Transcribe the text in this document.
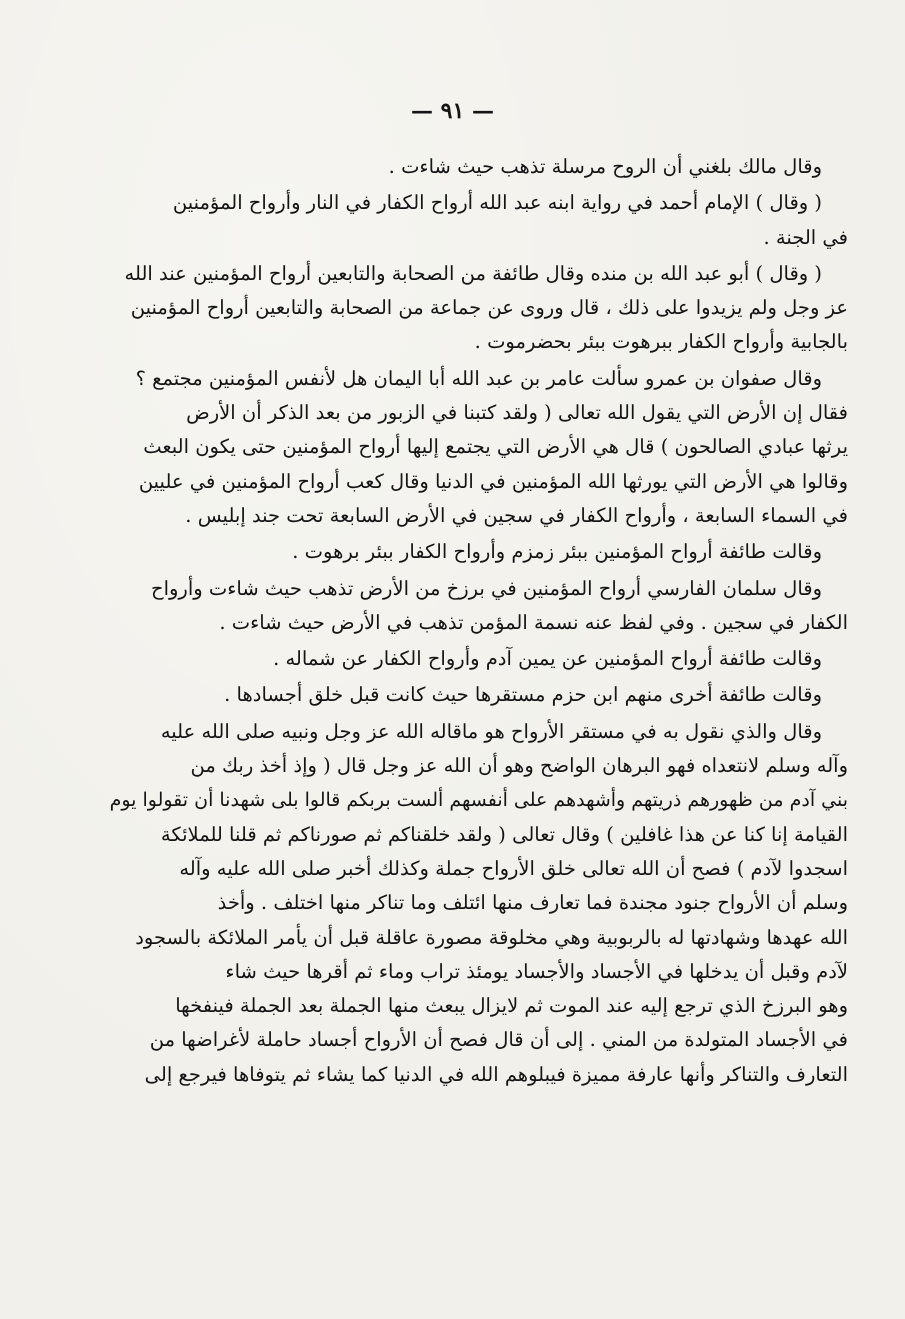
— ٩١ —
وقال مالك بلغني أن الروح مرسلة تذهب حيث شاءت .
( وقال ) الإمام أحمد في رواية ابنه عبد الله أرواح الكفار في النار وأرواح المؤمنين
في الجنة .
( وقال ) أبو عبد الله بن منده وقال طائفة من الصحابة والتابعين أرواح المؤمنين عند الله
عز وجل ولم يزيدوا على ذلك ، قال وروى عن جماعة من الصحابة والتابعين أرواح المؤمنين
بالجابية وأرواح الكفار ببرهوت ببئر بحضرموت .
وقال صفوان بن عمرو سألت عامر بن عبد الله أبا اليمان هل لأنفس المؤمنين مجتمع ؟
فقال إن الأرض التي يقول الله تعالى ( ولقد كتبنا في الزبور من بعد الذكر أن الأرض
يرثها عبادي الصالحون ) قال هي الأرض التي يجتمع إليها أرواح المؤمنين حتى يكون البعث
وقالوا هي الأرض التي يورثها الله المؤمنين في الدنيا وقال كعب أرواح المؤمنين في عليين
في السماء السابعة ، وأرواح الكفار في سجين في الأرض السابعة تحت جند إبليس .
وقالت طائفة أرواح المؤمنين ببئر زمزم وأرواح الكفار ببئر برهوت .
وقال سلمان الفارسي أرواح المؤمنين في برزخ من الأرض تذهب حيث شاءت وأرواح
الكفار في سجين . وفي لفظ عنه نسمة المؤمن تذهب في الأرض حيث شاءت .
وقالت طائفة أرواح المؤمنين عن يمين آدم وأرواح الكفار عن شماله .
وقالت طائفة أخرى منهم ابن حزم مستقرها حيث كانت قبل خلق أجسادها .
وقال والذي نقول به في مستقر الأرواح هو ماقاله الله عز وجل ونبيه صلى الله عليه
وآله وسلم لانتعداه فهو البرهان الواضح وهو أن الله عز وجل قال ( وإذ أخذ ربك من
بني آدم من ظهورهم ذريتهم وأشهدهم على أنفسهم ألست بربكم قالوا بلى شهدنا أن تقولوا يوم
القيامة إنا كنا عن هذا غافلين ) وقال تعالى ( ولقد خلقناكم ثم صورناكم ثم قلنا للملائكة
اسجدوا لآدم ) فصح أن الله تعالى خلق الأرواح جملة وكذلك أخبر صلى الله عليه وآله
وسلم أن الأرواح جنود مجندة فما تعارف منها ائتلف وما تناكر منها اختلف . وأخذ
الله عهدها وشهادتها له بالربوبية وهي مخلوقة مصورة عاقلة قبل أن يأمر الملائكة بالسجود
لآدم وقبل أن يدخلها في الأجساد والأجساد يومئذ تراب وماء ثم أقرها حيث شاء
وهو البرزخ الذي ترجع إليه عند الموت ثم لايزال يبعث منها الجملة بعد الجملة فينفخها
في الأجساد المتولدة من المني . إلى أن قال فصح أن الأرواح أجساد حاملة لأغراضها من
التعارف والتناكر وأنها عارفة مميزة فيبلوهم الله في الدنيا كما يشاء ثم يتوفاها فيرجع إلى
